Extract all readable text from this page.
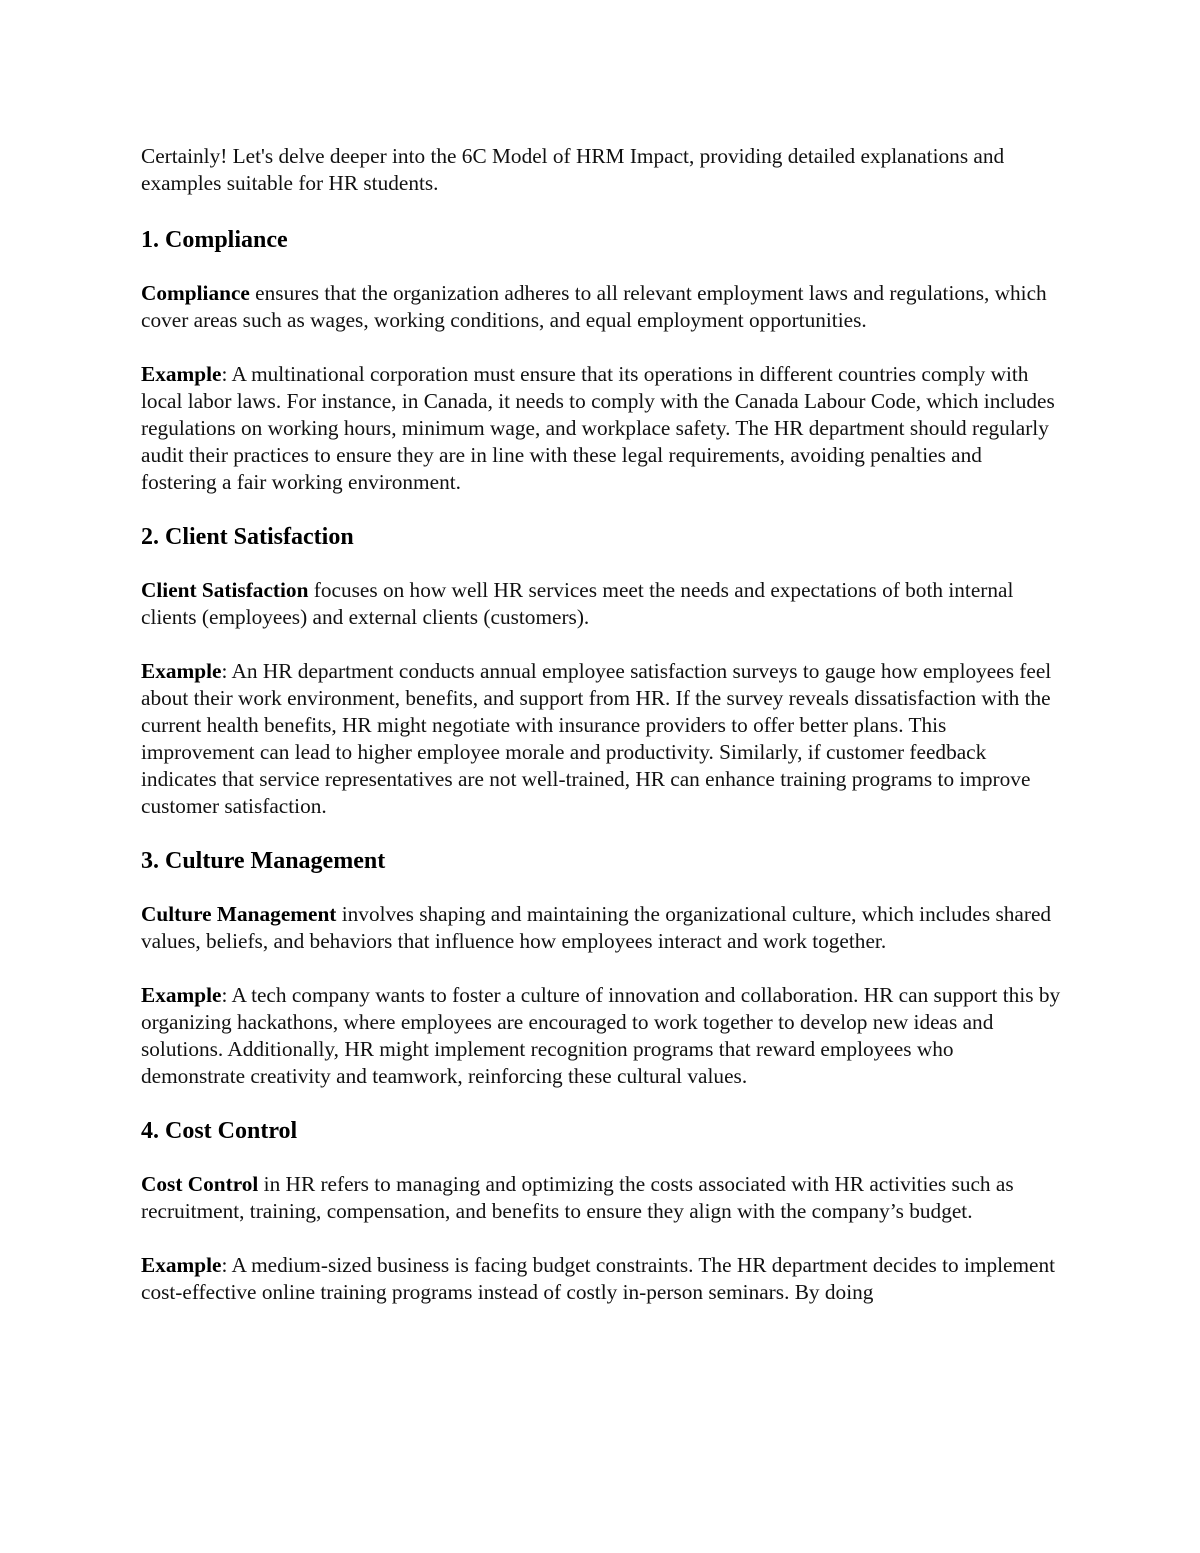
Certainly! Let's delve deeper into the 6C Model of HRM Impact, providing detailed explanations and examples suitable for HR students.

1. Compliance

Compliance ensures that the organization adheres to all relevant employment laws and regulations, which cover areas such as wages, working conditions, and equal employment opportunities.

Example: A multinational corporation must ensure that its operations in different countries comply with local labor laws. For instance, in Canada, it needs to comply with the Canada Labour Code, which includes regulations on working hours, minimum wage, and workplace safety. The HR department should regularly audit their practices to ensure they are in line with these legal requirements, avoiding penalties and fostering a fair working environment.

2. Client Satisfaction

Client Satisfaction focuses on how well HR services meet the needs and expectations of both internal clients (employees) and external clients (customers).

Example: An HR department conducts annual employee satisfaction surveys to gauge how employees feel about their work environment, benefits, and support from HR. If the survey reveals dissatisfaction with the current health benefits, HR might negotiate with insurance providers to offer better plans. This improvement can lead to higher employee morale and productivity. Similarly, if customer feedback indicates that service representatives are not well-trained, HR can enhance training programs to improve customer satisfaction.

3. Culture Management

Culture Management involves shaping and maintaining the organizational culture, which includes shared values, beliefs, and behaviors that influence how employees interact and work together.

Example: A tech company wants to foster a culture of innovation and collaboration. HR can support this by organizing hackathons, where employees are encouraged to work together to develop new ideas and solutions. Additionally, HR might implement recognition programs that reward employees who demonstrate creativity and teamwork, reinforcing these cultural values.

4. Cost Control

Cost Control in HR refers to managing and optimizing the costs associated with HR activities such as recruitment, training, compensation, and benefits to ensure they align with the company’s budget.

Example: A medium-sized business is facing budget constraints. The HR department decides to implement cost-effective online training programs instead of costly in-person seminars. By doing
